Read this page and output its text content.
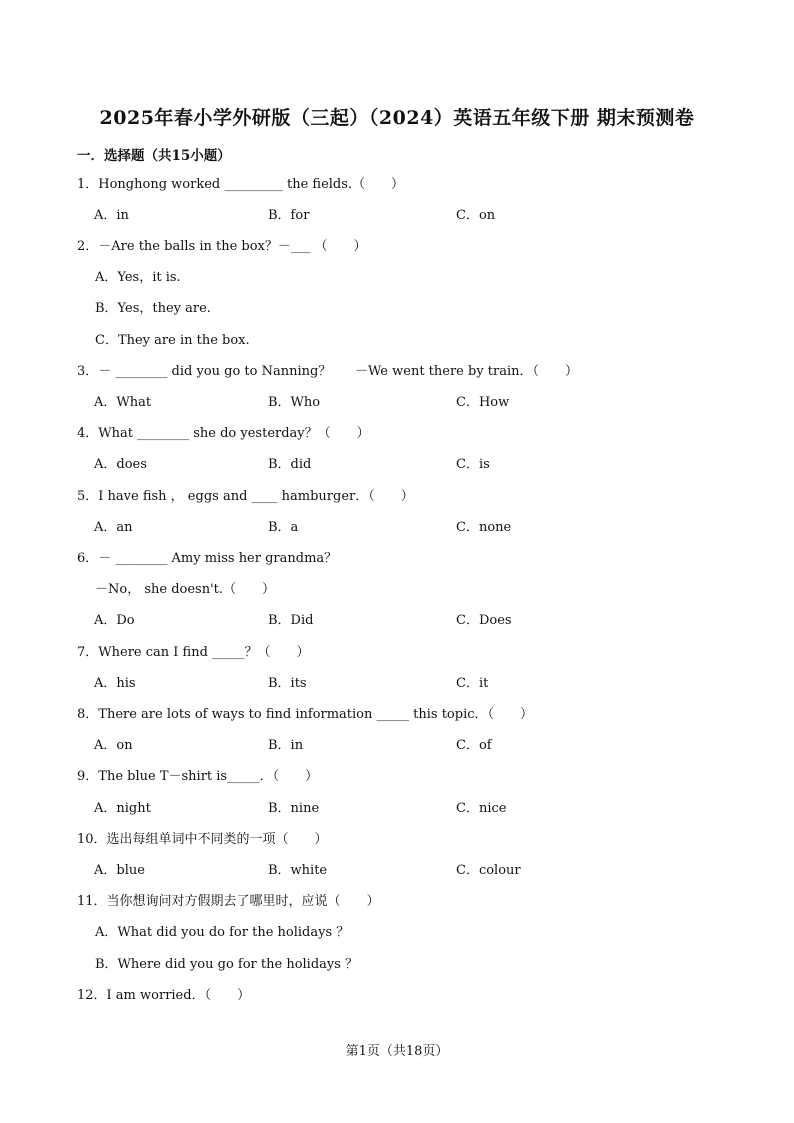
2025年春小学外研版（三起）（2024）英语五年级下册 期末预测卷
一．选择题（共15小题）
1．Honghong worked _________ the fields.（　　）
A．in	B．for	C．on
2．－Are the balls in the box？－___ （　　）
A．Yes，it is.
B．Yes，they are.
C．They are in the box.
3．－ ________ did you go to Nanning？ －We went there by train．（　　）
A．What	B．Who	C．How
4．What ________ she do yesterday？（　　）
A．does	B．did	C．is
5．I have fish ， eggs and ____ hamburger．（　　）
A．an	B．a	C．none
6．－ ________ Amy miss her grandma？
－No， she doesn't.（　　）
A．Do	B．Did	C．Does
7．Where can I find _____？（　　）
A．his	B．its	C．it
8．There are lots of ways to find information _____ this topic．（　　）
A．on	B．in	C．of
9．The blue T－shirt is_____．（　　）
A．night	B．nine	C．nice
10．选出每组单词中不同类的一项（　　）
A．blue	B．white	C．colour
11．当你想询问对方假期去了哪里时，应说（　　）
A．What did you do for the holidays ？
B．Where did you go for the holidays ？
12．I am worried．（　　）
第1页（共18页）
